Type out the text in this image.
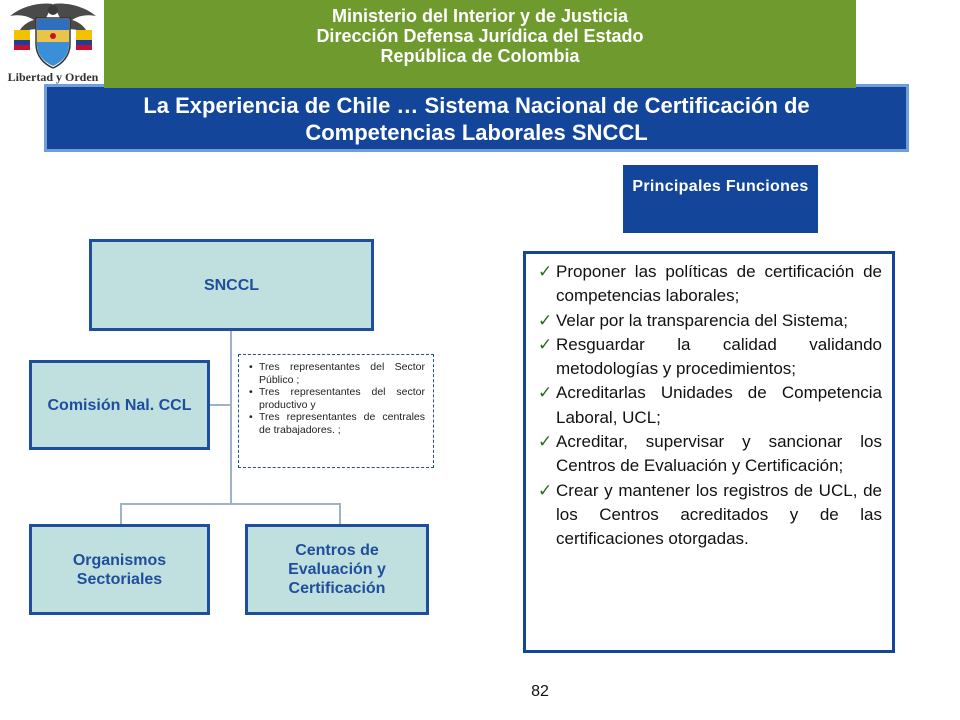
Libertad y Orden
Ministerio del Interior y de Justicia
Dirección Defensa Jurídica del Estado
República de Colombia
La Experiencia de Chile … Sistema Nacional de Certificación de
Competencias Laborales SNCCL
Principales Funciones
SNCCL
Comisión Nal. CCL
Organismos Sectoriales
Centros de Evaluación y Certificación
• Tres representantes del Sector Público ;
• Tres representantes del sector productivo y
• Tres representantes de centrales de trabajadores. ;
✓ Proponer las políticas de certificación de competencias laborales;
✓ Velar por la transparencia del Sistema;
✓ Resguardar la calidad validando metodologías y procedimientos;
✓ Acreditarlas Unidades de Competencia Laboral, UCL;
✓ Acreditar, supervisar y sancionar los Centros de Evaluación y Certificación;
✓ Crear y mantener los registros de UCL, de los Centros acreditados y de las certificaciones otorgadas.
82
